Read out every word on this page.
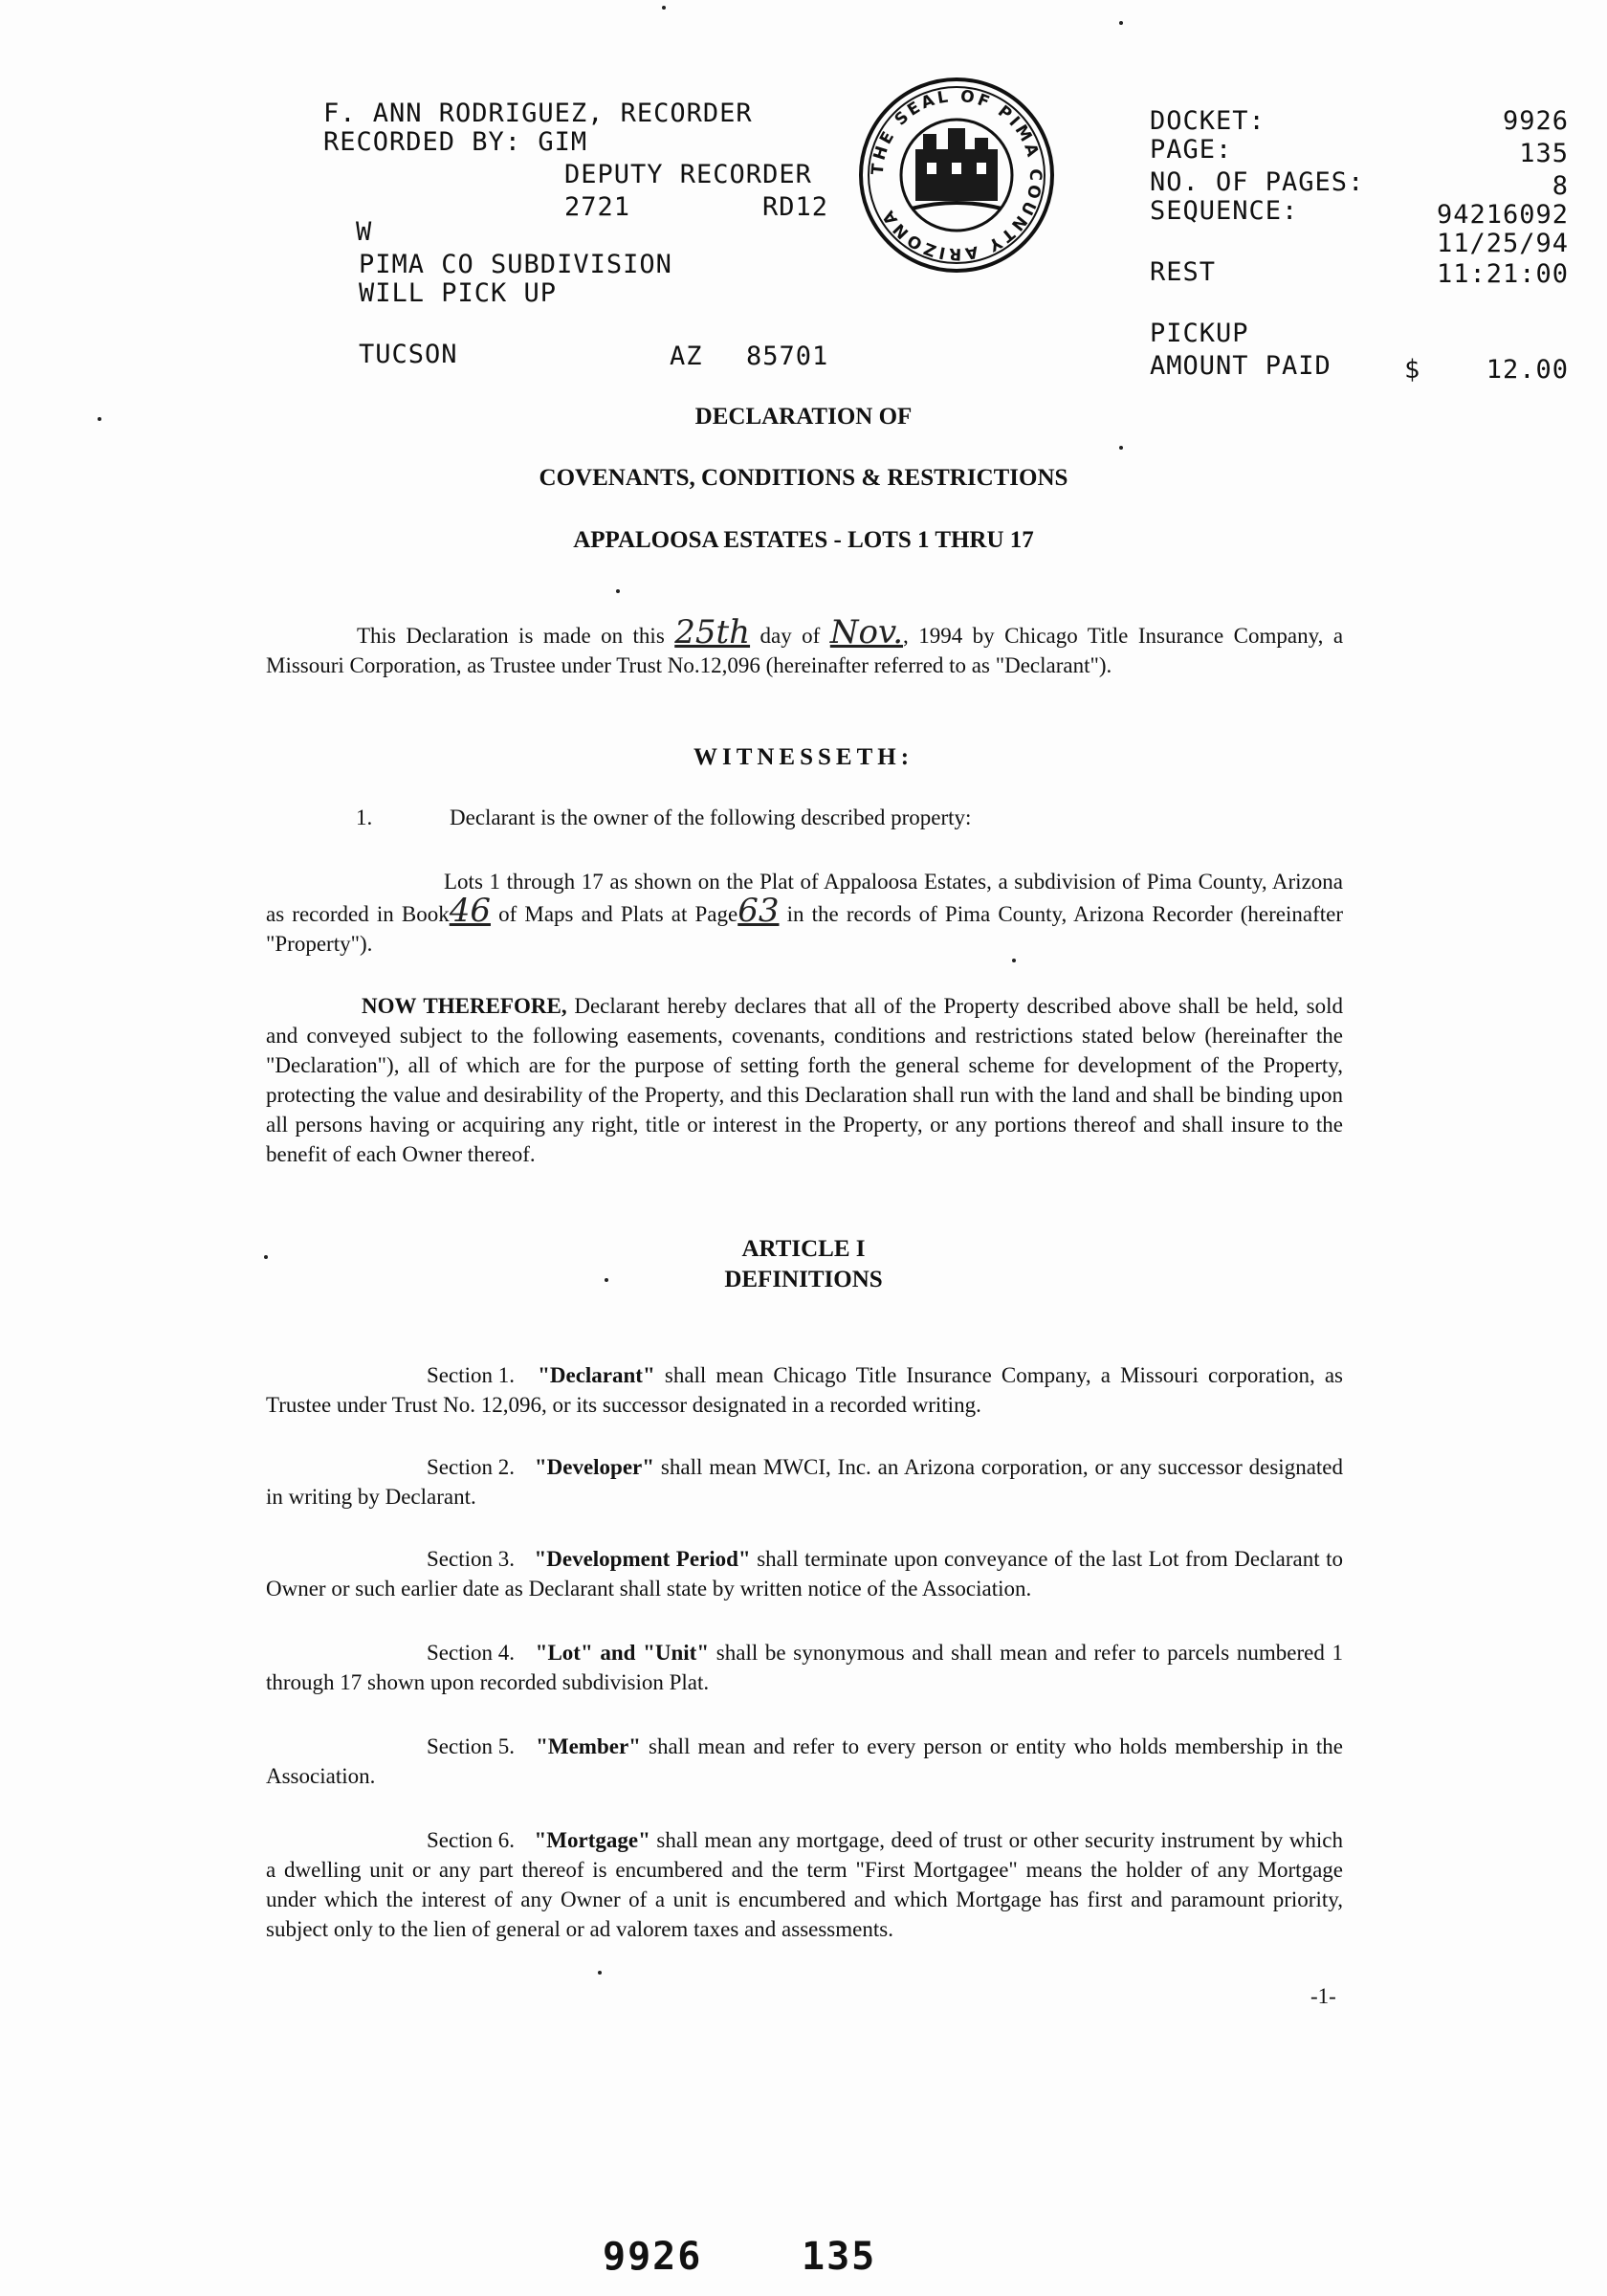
F. ANN RODRIGUEZ, RECORDER
RECORDED BY: GIM
DEPUTY RECORDER
2721	RD12
W
PIMA CO SUBDIVISION
WILL PICK UP
TUCSON	AZ 85701
THE SEAL OF PIMA COUNTY ARIZONA
DOCKET:	9926
PAGE:	135
NO. OF PAGES:	8
SEQUENCE:	94216092
11/25/94
REST	11:21:00
PICKUP
AMOUNT PAID	$	12.00
DECLARATION OF
COVENANTS, CONDITIONS & RESTRICTIONS
APPALOOSA ESTATES - LOTS 1 THRU 17
This Declaration is made on this 25th day of Nov., 1994 by Chicago Title Insurance Company, a Missouri Corporation, as Trustee under Trust No.12,096 (hereinafter referred to as "Declarant").
WITNESSETH:
1.	Declarant is the owner of the following described property:
Lots 1 through 17 as shown on the Plat of Appaloosa Estates, a subdivision of Pima County, Arizona as recorded in Book46 of Maps and Plats at Page63 in the records of Pima County, Arizona Recorder (hereinafter "Property").
NOW THEREFORE, Declarant hereby declares that all of the Property described above shall be held, sold and conveyed subject to the following easements, covenants, conditions and restrictions stated below (hereinafter the "Declaration"), all of which are for the purpose of setting forth the general scheme for development of the Property, protecting the value and desirability of the Property, and this Declaration shall run with the land and shall be binding upon all persons having or acquiring any right, title or interest in the Property, or any portions thereof and shall insure to the benefit of each Owner thereof.
ARTICLE I
DEFINITIONS
Section 1. "Declarant" shall mean Chicago Title Insurance Company, a Missouri corporation, as Trustee under Trust No. 12,096, or its successor designated in a recorded writing.
Section 2. "Developer" shall mean MWCI, Inc. an Arizona corporation, or any successor designated in writing by Declarant.
Section 3. "Development Period" shall terminate upon conveyance of the last Lot from Declarant to Owner or such earlier date as Declarant shall state by written notice of the Association.
Section 4. "Lot" and "Unit" shall be synonymous and shall mean and refer to parcels numbered 1 through 17 shown upon recorded subdivision Plat.
Section 5. "Member" shall mean and refer to every person or entity who holds membership in the Association.
Section 6. "Mortgage" shall mean any mortgage, deed of trust or other security instrument by which a dwelling unit or any part thereof is encumbered and the term "First Mortgagee" means the holder of any Mortgage under which the interest of any Owner of a unit is encumbered and which Mortgage has first and paramount priority, subject only to the lien of general or ad valorem taxes and assessments.
-1-
9926	135
